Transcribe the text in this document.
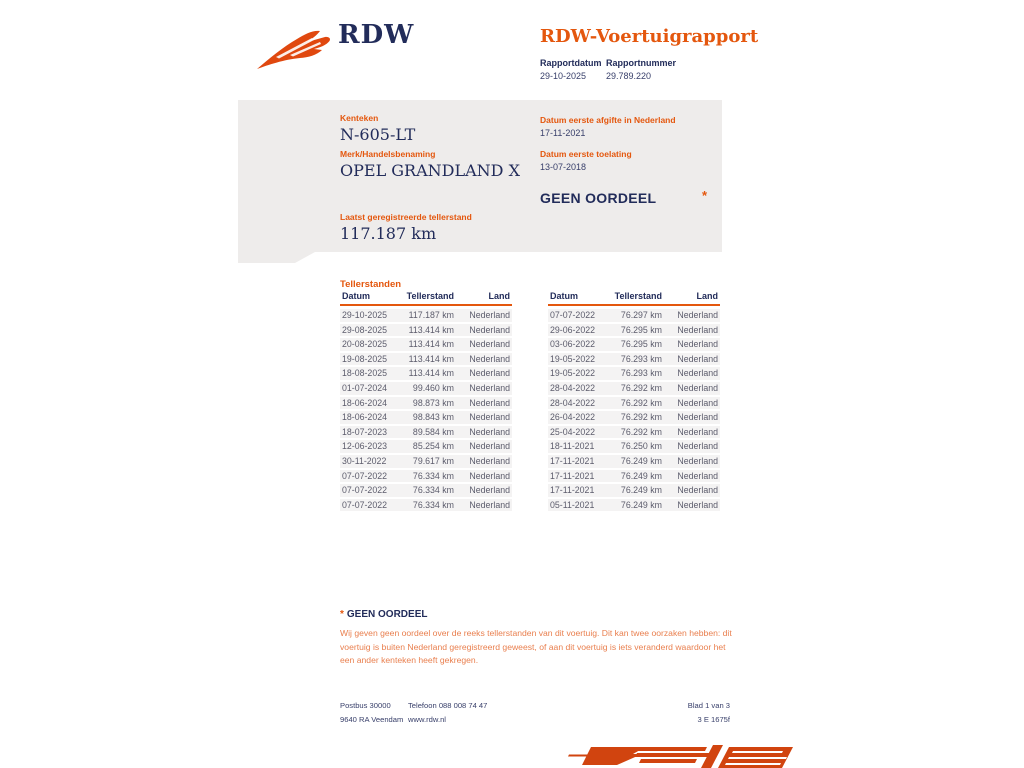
RDW	RDW-Voertuigrapport
Rapportdatum
29-10-2025
Rapportnummer
29.789.220
Kenteken
N-605-LT
Merk/Handelsbenaming
OPEL GRANDLAND X
Laatst geregistreerde tellerstand
117.187 km
Datum eerste afgifte in Nederland
17-11-2021
Datum eerste toelating
13-07-2018
GEEN OORDEEL	*
Tellerstanden
Datum	Tellerstand	Land
29-10-2025	117.187 km	Nederland
29-08-2025	113.414 km	Nederland
20-08-2025	113.414 km	Nederland
19-08-2025	113.414 km	Nederland
18-08-2025	113.414 km	Nederland
01-07-2024	99.460 km	Nederland
18-06-2024	98.873 km	Nederland
18-06-2024	98.843 km	Nederland
18-07-2023	89.584 km	Nederland
12-06-2023	85.254 km	Nederland
30-11-2022	79.617 km	Nederland
07-07-2022	76.334 km	Nederland
07-07-2022	76.334 km	Nederland
07-07-2022	76.334 km	Nederland
Datum	Tellerstand	Land
07-07-2022	76.297 km	Nederland
29-06-2022	76.295 km	Nederland
03-06-2022	76.295 km	Nederland
19-05-2022	76.293 km	Nederland
19-05-2022	76.293 km	Nederland
28-04-2022	76.292 km	Nederland
28-04-2022	76.292 km	Nederland
26-04-2022	76.292 km	Nederland
25-04-2022	76.292 km	Nederland
18-11-2021	76.250 km	Nederland
17-11-2021	76.249 km	Nederland
17-11-2021	76.249 km	Nederland
17-11-2021	76.249 km	Nederland
05-11-2021	76.249 km	Nederland
* GEEN OORDEEL
Wij geven geen oordeel over de reeks tellerstanden van dit voertuig. Dit kan twee oorzaken hebben: dit voertuig is buiten Nederland geregistreerd geweest, of aan dit voertuig is iets veranderd waardoor het een ander kenteken heeft gekregen.
Postbus 30000
9640 RA Veendam
Telefoon 088 008 74 47
www.rdw.nl
Blad 1 van 3
3 E 1675f
